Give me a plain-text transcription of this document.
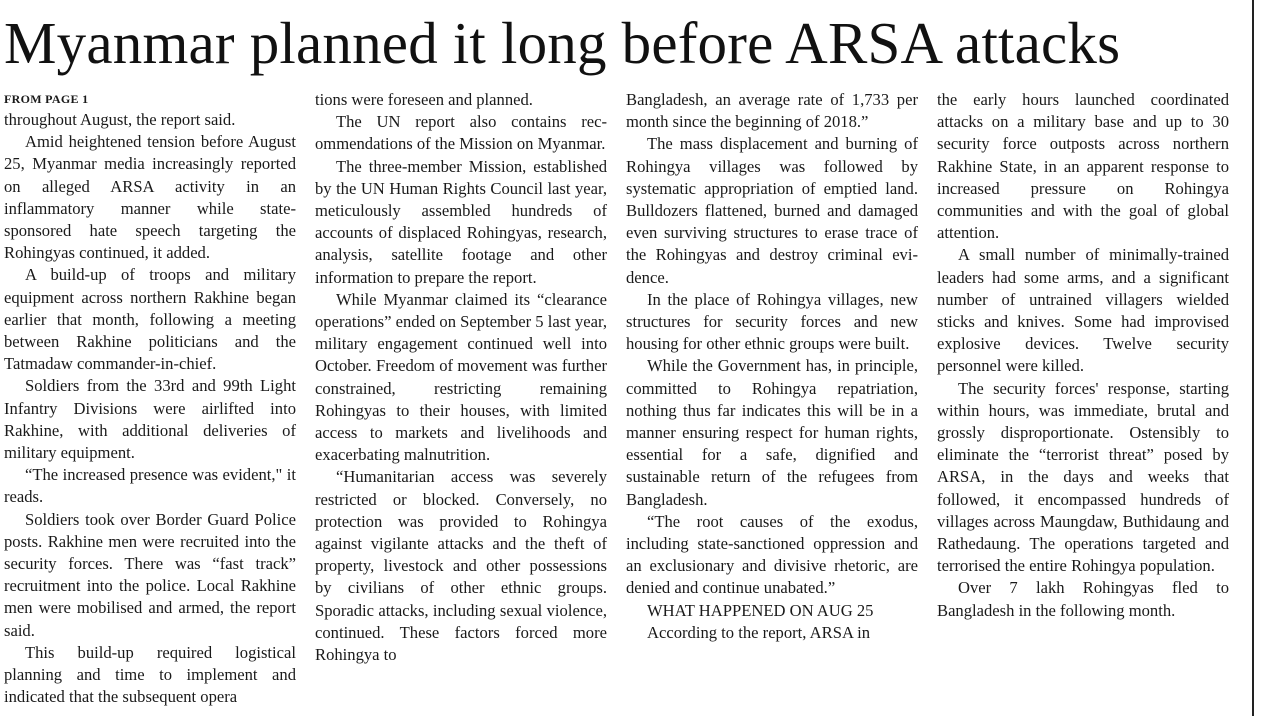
Myanmar planned it long before ARSA attacks
FROM PAGE 1

throughout August, the report said.

Amid heightened tension before August 25, Myanmar media increasingly reported on alleged ARSA activity in an inflammatory manner while state-sponsored hate speech targeting the Rohingyas continued, it added.

A build-up of troops and military equipment across northern Rakhine began earlier that month, following a meeting between Rakhine politicians and the Tatmadaw commander-in-chief.

Soldiers from the 33rd and 99th Light Infantry Divisions were airlifted into Rakhine, with additional deliveries of military equipment.

“The increased presence was evident," it reads.

Soldiers took over Border Guard Police posts. Rakhine men were recruited into the security forces. There was “fast track” recruitment into the police. Local Rakhine men were mobilised and armed, the report said.

This build-up required logistical planning and time to implement and indicated that the subsequent opera

tions were foreseen and planned.

The UN report also contains recommendations of the Mission on Myanmar.

The three-member Mission, established by the UN Human Rights Council last year, meticulously assembled hundreds of accounts of displaced Rohingyas, research, analysis, satellite footage and other information to prepare the report.

While Myanmar claimed its “clearance operations” ended on September 5 last year, military engagement continued well into October. Freedom of movement was further constrained, restricting remaining Rohingyas to their houses, with limited access to markets and livelihoods and exacerbating malnutrition.

“Humanitarian access was severely restricted or blocked. Conversely, no protection was provided to Rohingya against vigilante attacks and the theft of property, livestock and other possessions by civilians of other ethnic groups. Sporadic attacks, including sexual violence, continued. These factors forced more Rohingya to

Bangladesh, an average rate of 1,733 per month since the beginning of 2018.”

The mass displacement and burning of Rohingya villages was followed by systematic appropriation of emptied land. Bulldozers flattened, burned and damaged even surviving structures to erase trace of the Rohingyas and destroy criminal evidence.

In the place of Rohingya villages, new structures for security forces and new housing for other ethnic groups were built.

While the Government has, in principle, committed to Rohingya repatriation, nothing thus far indicates this will be in a manner ensuring respect for human rights, essential for a safe, dignified and sustainable return of the refugees from Bangladesh.

“The root causes of the exodus, including state-sanctioned oppression and an exclusionary and divisive rhetoric, are denied and continue unabated.”

WHAT HAPPENED ON AUG 25

According to the report, ARSA in

the early hours launched coordinated attacks on a military base and up to 30 security force outposts across northern Rakhine State, in an apparent response to increased pressure on Rohingya communities and with the goal of global attention.

A small number of minimally-trained leaders had some arms, and a significant number of untrained villagers wielded sticks and knives. Some had improvised explosive devices. Twelve security personnel were killed.

The security forces' response, starting within hours, was immediate, brutal and grossly disproportionate. Ostensibly to eliminate the “terrorist threat” posed by ARSA, in the days and weeks that followed, it encompassed hundreds of villages across Maungdaw, Buthidaung and Rathedaung. The operations targeted and terrorised the entire Rohingya population.

Over 7 lakh Rohingyas fled to Bangladesh in the following month.
